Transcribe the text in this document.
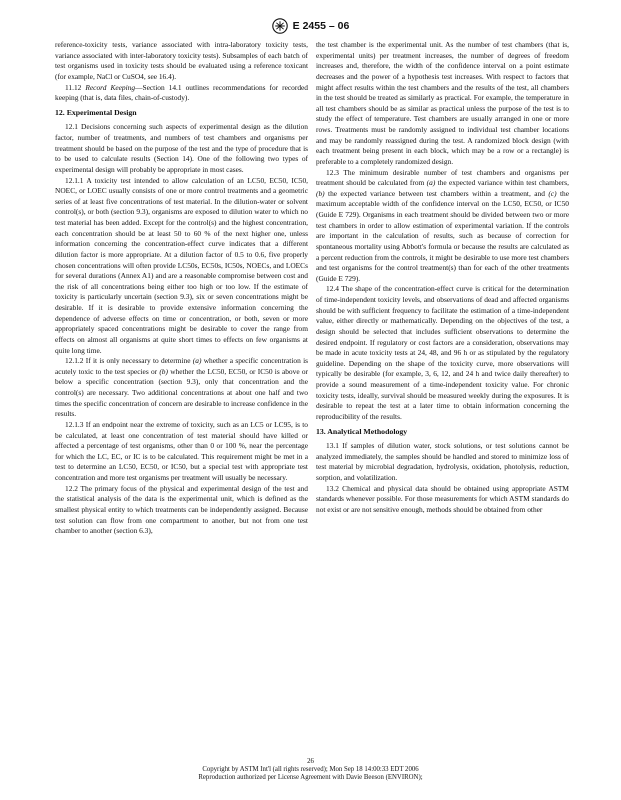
E 2455 – 06

reference-toxicity tests, variance associated with intra-laboratory toxicity tests, variance associated with inter-laboratory toxicity tests). Subsamples of each batch of test organisms used in toxicity tests should be evaluated using a reference toxicant (for example, NaCl or CuSO4, see 16.4).

11.12 Record Keeping—Section 14.1 outlines recommendations for recorded keeping (that is, data files, chain-of-custody).

12. Experimental Design

12.1 Decisions concerning such aspects of experimental design as the dilution factor, number of treatments, and numbers of test chambers and organisms per treatment should be based on the purpose of the test and the type of procedure that is to be used to calculate results (Section 14). One of the following two types of experimental design will probably be appropriate in most cases.

12.1.1 A toxicity test intended to allow calculation of an LC50, EC50, IC50, NOEC, or LOEC usually consists of one or more control treatments and a geometric series of at least five concentrations of test material. In the dilution-water or solvent control(s), or both (section 9.3), organisms are exposed to dilution water to which no test material has been added. Except for the control(s) and the highest concentration, each concentration should be at least 50 to 60 % of the next higher one, unless information concerning the concentration-effect curve indicates that a different dilution factor is more appropriate. At a dilution factor of 0.5 to 0.6, five properly chosen concentrations will often provide LC50s, EC50s, IC50s, NOECs, and LOECs for several durations (Annex A1) and are a reasonable compromise between cost and the risk of all concentrations being either too high or too low. If the estimate of toxicity is particularly uncertain (section 9.3), six or seven concentrations might be desirable. If it is desirable to provide extensive information concerning the dependence of adverse effects on time or concentration, or both, seven or more appropriately spaced concentrations might be desirable to cover the range from effects on almost all organisms at quite short times to effects on few organisms at quite long time.

12.1.2 If it is only necessary to determine (a) whether a specific concentration is acutely toxic to the test species or (b) whether the LC50, EC50, or IC50 is above or below a specific concentration (section 9.3), only that concentration and the control(s) are necessary. Two additional concentrations at about one half and two times the specific concentration of concern are desirable to increase confidence in the results.

12.1.3 If an endpoint near the extreme of toxicity, such as an LC5 or LC95, is to be calculated, at least one concentration of test material should have killed or affected a percentage of test organisms, other than 0 or 100 %, near the percentage for which the LC, EC, or IC is to be calculated. This requirement might be met in a test to determine an LC50, EC50, or IC50, but a special test with appropriate test concentration and more test organisms per treatment will usually be necessary.

12.2 The primary focus of the physical and experimental design of the test and the statistical analysis of the data is the experimental unit, which is defined as the smallest physical entity to which treatments can be independently assigned. Because test solution can flow from one compartment to another, but not from one test chamber to another (section 6.3),

the test chamber is the experimental unit. As the number of test chambers (that is, experimental units) per treatment increases, the number of degrees of freedom increases and, therefore, the width of the confidence interval on a point estimate decreases and the power of a hypothesis test increases. With respect to factors that might affect results within the test chambers and the results of the test, all chambers in the test should be treated as similarly as practical. For example, the temperature in all test chambers should be as similar as practical unless the purpose of the test is to study the effect of temperature. Test chambers are usually arranged in one or more rows. Treatments must be randomly assigned to individual test chamber locations and may be randomly reassigned during the test. A randomized block design (with each treatment being present in each block, which may be a row or a rectangle) is preferable to a completely randomized design.

12.3 The minimum desirable number of test chambers and organisms per treatment should be calculated from (a) the expected variance within test chambers, (b) the expected variance between test chambers within a treatment, and (c) the maximum acceptable width of the confidence interval on the LC50, EC50, or IC50 (Guide E 729). Organisms in each treatment should be divided between two or more test chambers in order to allow estimation of experimental variation. If the controls are important in the calculation of results, such as because of correction for spontaneous mortality using Abbott's formula or because the results are calculated as a percent reduction from the controls, it might be desirable to use more test chambers and test organisms for the control treatment(s) than for each of the other treatments (Guide E 729).

12.4 The shape of the concentration-effect curve is critical for the determination of time-independent toxicity levels, and observations of dead and affected organisms should be with sufficient frequency to facilitate the estimation of a time-independent value, either directly or mathematically. Depending on the objectives of the test, a design should be selected that includes sufficient observations to determine the desired endpoint. If regulatory or cost factors are a consideration, observations may be made in acute toxicity tests at 24, 48, and 96 h or as stipulated by the regulatory guideline. Depending on the shape of the toxicity curve, more observations will typically be desirable (for example, 3, 6, 12, and 24 h and twice daily thereafter) to provide a sound measurement of a time-independent toxicity value. For chronic toxicity tests, ideally, survival should be measured weekly during the exposures. It is desirable to repeat the test at a later time to obtain information concerning the reproducibility of the results.

13. Analytical Methodology

13.1 If samples of dilution water, stock solutions, or test solutions cannot be analyzed immediately, the samples should be handled and stored to minimize loss of test material by microbial degradation, hydrolysis, oxidation, photolysis, reduction, sorption, and volatilization.

13.2 Chemical and physical data should be obtained using appropriate ASTM standards whenever possible. For those measurements for which ASTM standards do not exist or are not sensitive enough, methods should be obtained from other

26
Copyright by ASTM Int'l (all rights reserved); Mon Sep 18 14:00:33 EDT 2006
Reproduction authorized per License Agreement with Davie Beeson (ENVIRON);
